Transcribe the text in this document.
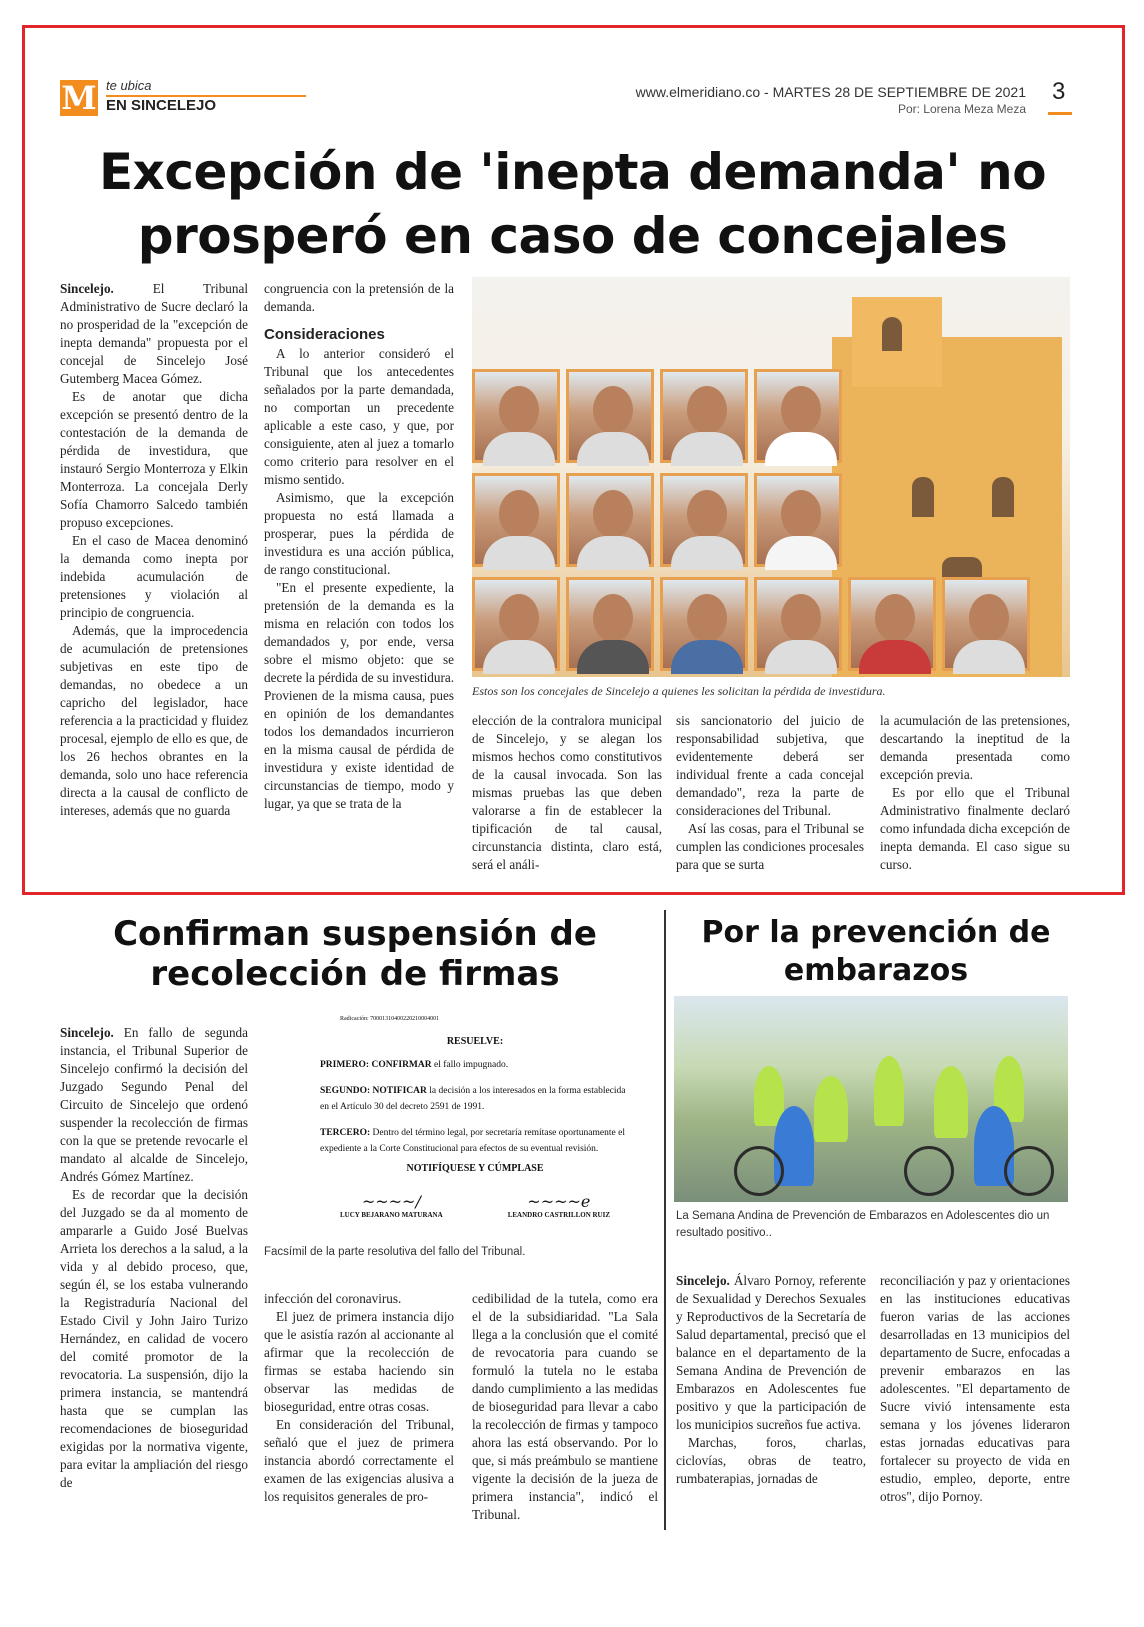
M te ubica
EN SINCELEJO
www.elmeridiano.co - MARTES 28 DE SEPTIEMBRE DE 2021
Por: Lorena Meza Meza
3
Excepción de 'inepta demanda' no prosperó en caso de concejales

Sincelejo. El Tribunal Administrativo de Sucre declaró la no prosperidad de la "excepción de inepta demanda" propuesta por el concejal de Sincelejo José Gutemberg Macea Gómez.

Es de anotar que dicha excepción se presentó dentro de la contestación de la demanda de pérdida de investidura, que instauró Sergio Monterroza y Elkin Monterroza. La concejala Derly Sofía Chamorro Salcedo también propuso excepciones.

En el caso de Macea denominó la demanda como inepta por indebida acumulación de pretensiones y violación al principio de congruencia.

Además, que la improcedencia de acumulación de pretensiones subjetivas en este tipo de demandas, no obedece a un capricho del legislador, hace referencia a la practicidad y fluidez procesal, ejemplo de ello es que, de los 26 hechos obrantes en la demanda, solo uno hace referencia directa a la causal de conflicto de intereses, además que no guarda

congruencia con la pretensión de la demanda.

Consideraciones

A lo anterior consideró el Tribunal que los antecedentes señalados por la parte demandada, no comportan un precedente aplicable a este caso, y que, por consiguiente, aten al juez a tomarlo como criterio para resolver en el mismo sentido.

Asimismo, que la excepción propuesta no está llamada a prosperar, pues la pérdida de investidura es una acción pública, de rango constitucional.

"En el presente expediente, la pretensión de la demanda es la misma en relación con todos los demandados y, por ende, versa sobre el mismo objeto: que se decrete la pérdida de su investidura. Provienen de la misma causa, pues en opinión de los demandantes todos los demandados incurrieron en la misma causal de pérdida de investidura y existe identidad de circunstancias de tiempo, modo y lugar, ya que se trata de la

Estos son los concejales de Sincelejo a quienes les solicitan la pérdida de investidura.

elección de la contralora municipal de Sincelejo, y se alegan los mismos hechos como constitutivos de la causal invocada. Son las mismas pruebas las que deben valorarse a fin de establecer la tipificación de tal causal, circunstancia distinta, claro está, será el análi-

sis sancionatorio del juicio de responsabilidad subjetiva, que evidentemente deberá ser individual frente a cada concejal demandado", reza la parte de consideraciones del Tribunal.

Así las cosas, para el Tribunal se cumplen las condiciones procesales para que se surta

la acumulación de las pretensiones, descartando la ineptitud de la demanda presentada como excepción previa.

Es por ello que el Tribunal Administrativo finalmente declaró como infundada dicha excepción de inepta demanda. El caso sigue su curso.

Confirman suspensión de recolección de firmas

Sincelejo. En fallo de segunda instancia, el Tribunal Superior de Sincelejo confirmó la decisión del Juzgado Segundo Penal del Circuito de Sincelejo que ordenó suspender la recolección de firmas con la que se pretende revocarle el mandato al alcalde de Sincelejo, Andrés Gómez Martínez.

Es de recordar que la decisión del Juzgado se da al momento de ampararle a Guido José Buelvas Arrieta los derechos a la salud, a la vida y al debido proceso, que, según él, se los estaba vulnerando la Registraduría Nacional del Estado Civil y John Jairo Turizo Hernández, en calidad de vocero del comité promotor de la revocatoria. La suspensión, dijo la primera instancia, se mantendrá hasta que se cumplan las recomendaciones de bioseguridad exigidas por la normativa vigente, para evitar la ampliación del riesgo de

Radicación: 70001310400220210004001
RESUELVE:

PRIMERO: CONFIRMAR el fallo impugnado.

SEGUNDO: NOTIFICAR la decisión a los interesados en la forma establecida en el Artículo 30 del decreto 2591 de 1991.

TERCERO: Dentro del término legal, por secretaría remítase oportunamente el expediente a la Corte Constitucional para efectos de su eventual revisión.

NOTIFÍQUESE Y CÚMPLASE
~~~~/
LUCY BEJARANO MATURANA
~~~~e
LEANDRO CASTRILLON RUIZ
Facsímil de la parte resolutiva del fallo del Tribunal.

infección del coronavirus.

El juez de primera instancia dijo que le asistía razón al accionante al afirmar que la recolección de firmas se estaba haciendo sin observar las medidas de bioseguridad, entre otras cosas.

En consideración del Tribunal, señaló que el juez de primera instancia abordó correctamente el examen de las exigencias alusiva a los requisitos generales de pro-

cedibilidad de la tutela, como era el de la subsidiaridad. "La Sala llega a la conclusión que el comité de revocatoria para cuando se formuló la tutela no le estaba dando cumplimiento a las medidas de bioseguridad para llevar a cabo la recolección de firmas y tampoco ahora las está observando. Por lo que, si más preámbulo se mantiene vigente la decisión de la jueza de primera instancia", indicó el Tribunal.

Por la prevención de embarazos
La Semana Andina de Prevención de Embarazos en Adolescentes dio un resultado positivo..

Sincelejo. Álvaro Pornoy, referente de Sexualidad y Derechos Sexuales y Reproductivos de la Secretaría de Salud departamental, precisó que el balance en el departamento de la Semana Andina de Prevención de Embarazos en Adolescentes fue positivo y que la participación de los municipios sucreños fue activa.

Marchas, foros, charlas, ciclovías, obras de teatro, rumbaterapias, jornadas de

reconciliación y paz y orientaciones en las instituciones educativas fueron varias de las acciones desarrolladas en 13 municipios del departamento de Sucre, enfocadas a prevenir embarazos en las adolescentes. "El departamento de Sucre vivió intensamente esta semana y los jóvenes lideraron estas jornadas educativas para fortalecer su proyecto de vida en estudio, empleo, deporte, entre otros", dijo Pornoy.
